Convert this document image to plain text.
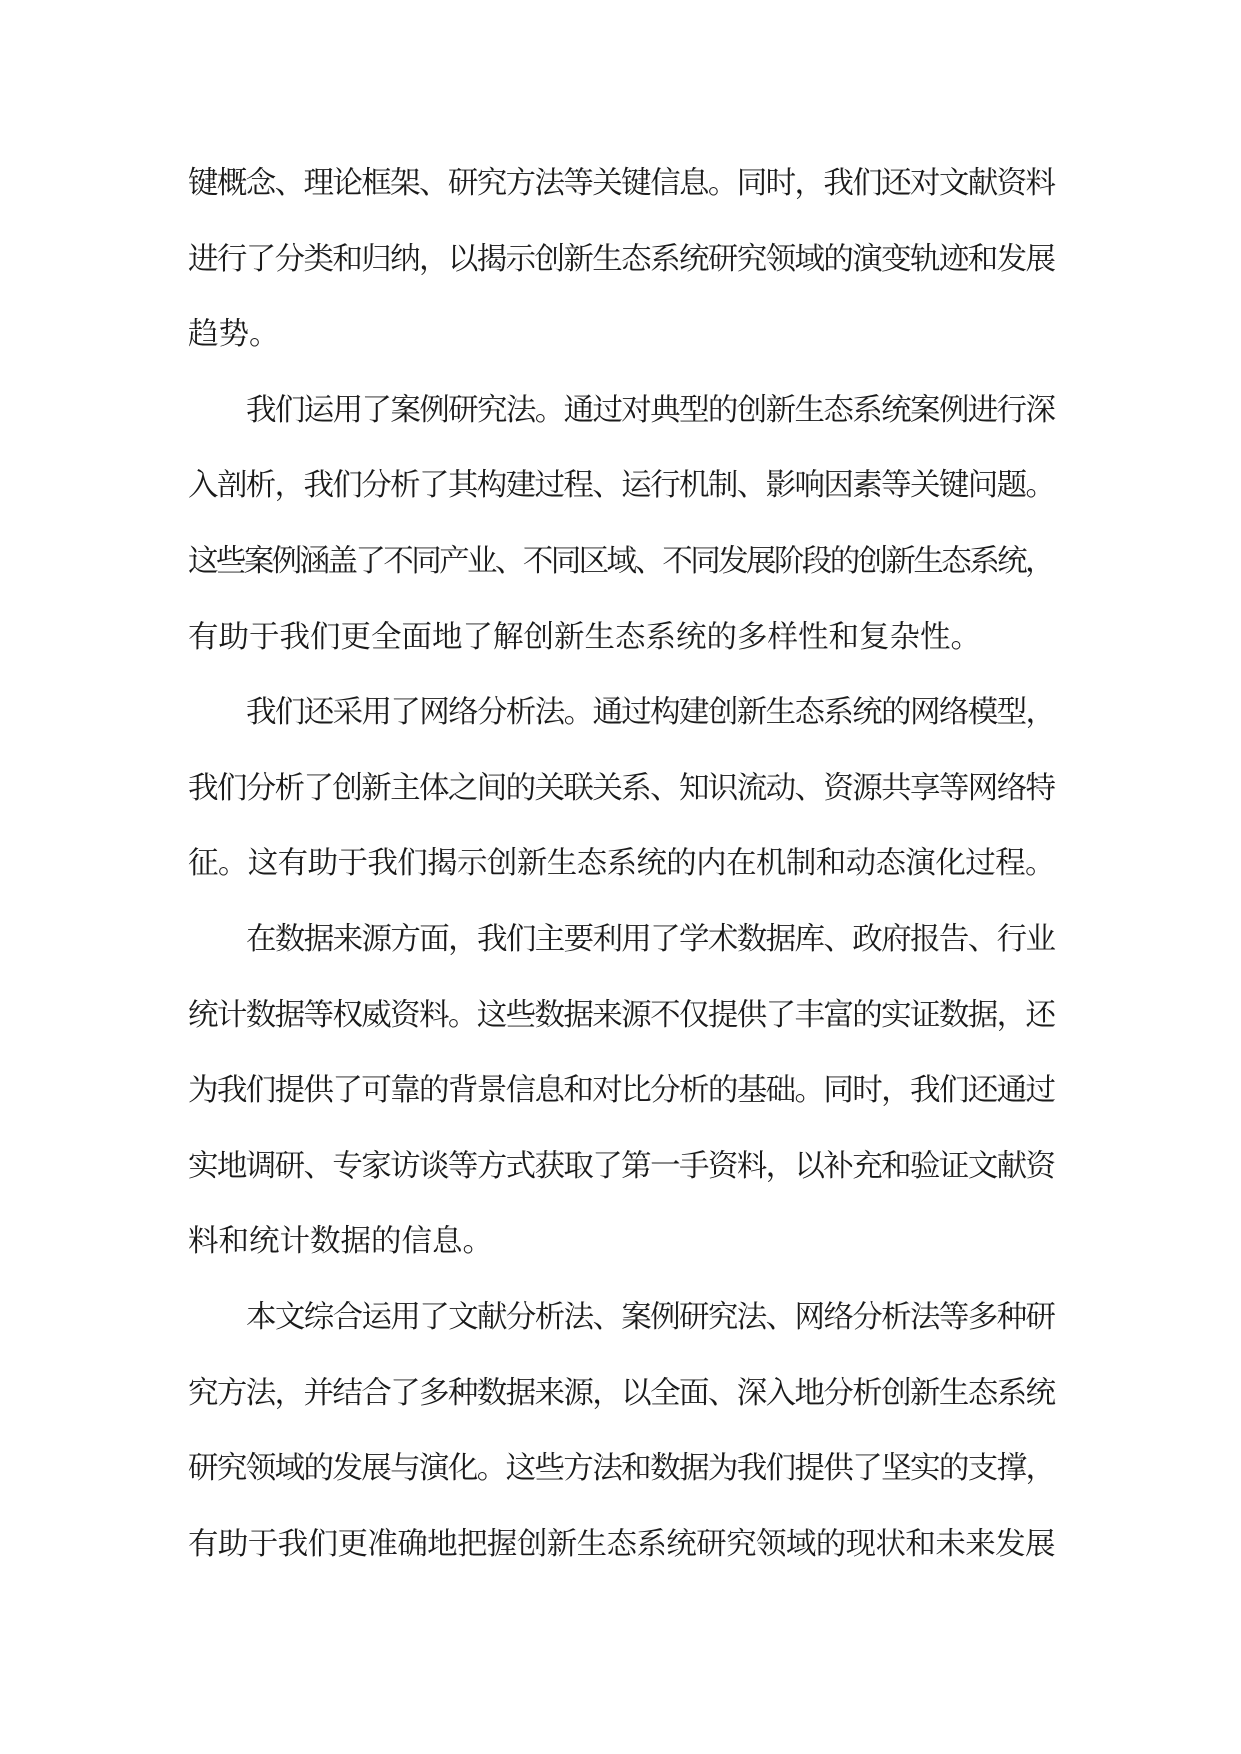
键概念、理论框架、研究方法等关键信息。同时，我们还对文献资料
进行了分类和归纳，以揭示创新生态系统研究领域的演变轨迹和发展
趋势。
我们运用了案例研究法。通过对典型的创新生态系统案例进行深
入剖析，我们分析了其构建过程、运行机制、影响因素等关键问题。
这些案例涵盖了不同产业、不同区域、不同发展阶段的创新生态系统，
有助于我们更全面地了解创新生态系统的多样性和复杂性。
我们还采用了网络分析法。通过构建创新生态系统的网络模型，
我们分析了创新主体之间的关联关系、知识流动、资源共享等网络特
征。这有助于我们揭示创新生态系统的内在机制和动态演化过程。
在数据来源方面，我们主要利用了学术数据库、政府报告、行业
统计数据等权威资料。这些数据来源不仅提供了丰富的实证数据，还
为我们提供了可靠的背景信息和对比分析的基础。同时，我们还通过
实地调研、专家访谈等方式获取了第一手资料，以补充和验证文献资
料和统计数据的信息。
本文综合运用了文献分析法、案例研究法、网络分析法等多种研
究方法，并结合了多种数据来源，以全面、深入地分析创新生态系统
研究领域的发展与演化。这些方法和数据为我们提供了坚实的支撑，
有助于我们更准确地把握创新生态系统研究领域的现状和未来发展
